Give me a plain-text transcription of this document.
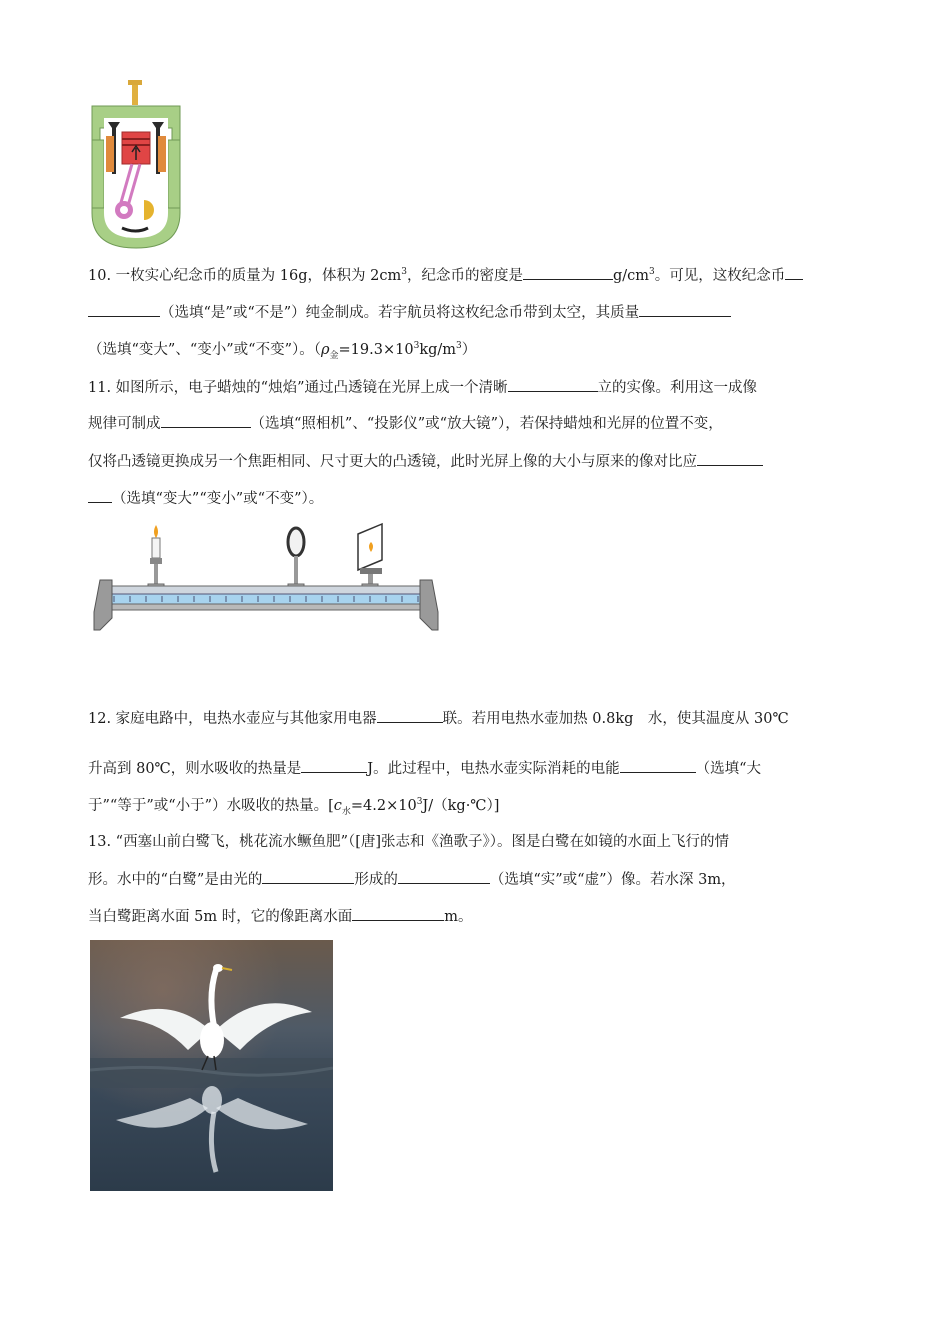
10. 一枚实心纪念币的质量为 16g，体积为 $2cm^3$，纪念币的密度是	$g/cm^3$。可见，这枚纪念币
（选填“是”或“不是”）纯金制成。若宇航员将这枚纪念币带到太空，其质量
（选填“变大”、“变小”或“不变”）。$(\rho_金=19.3\times 10^3kg/m^3)$
11. 如图所示，电子蜡烛的“烛焰”通过凸透镜在光屏上成一个清晰	立的实像。利用这一成像
规律可制成	（选填“照相机”、“投影仪”或“放大镜”），若保持蜡烛和光屏的位置不变，
仅将凸透镜更换成另一个焦距相同、尺寸更大的凸透镜，此时光屏上像的大小与原来的像对比应
（选填“变大”“变小”或“不变”）。
12. 家庭电路中，电热水壶应与其他家用电器	联。若用电热水壶加热 0.8kg　水，使其温度从 30℃
升高到 80℃，则水吸收的热量是	J。此过程中，电热水壶实际消耗的电能	（选填“大
于”“等于”或“小于”）水吸收的热量。$[c_水=4.2\times 10^3J/(kg\cdot℃)]$
13. “西塞山前白鹭飞，桃花流水鳜鱼肥”（[唐]张志和《渔歌子》）。图是白鹭在如镜的水面上飞行的情
形。水中的“白鹭”是由光的	形成的	（选填“实”或“虚”）像。若水深 3m，
当白鹭距离水面 5m 时，它的像距离水面	m。
